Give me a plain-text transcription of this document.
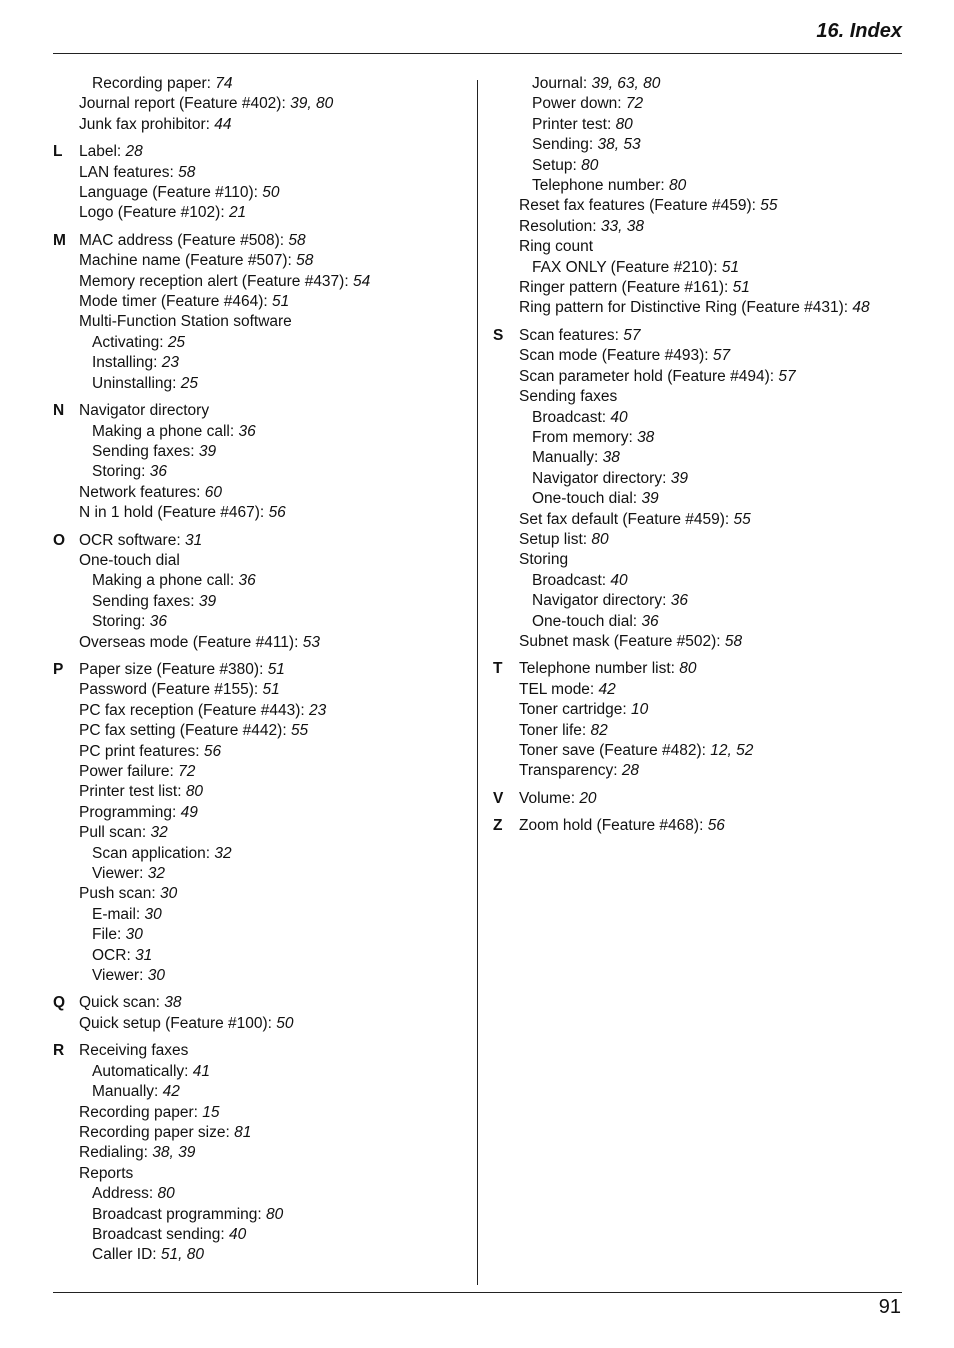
16. Index
Recording paper: 74
Journal report (Feature #402): 39, 80
Junk fax prohibitor: 44
L	Label: 28
LAN features: 58
Language (Feature #110): 50
Logo (Feature #102): 21
M MAC address (Feature #508): 58
Machine name (Feature #507): 58
Memory reception alert (Feature #437): 54
Mode timer (Feature #464): 51
Multi-Function Station software
Activating: 25
Installing: 23
Uninstalling: 25
N Navigator directory
Making a phone call: 36
Sending faxes: 39
Storing: 36
Network features: 60
N in 1 hold (Feature #467): 56
O OCR software: 31
One-touch dial
Making a phone call: 36
Sending faxes: 39
Storing: 36
Overseas mode (Feature #411): 53
P	Paper size (Feature #380): 51
Password (Feature #155): 51
PC fax reception (Feature #443): 23
PC fax setting (Feature #442): 55
PC print features: 56
Power failure: 72
Printer test list: 80
Programming: 49
Pull scan: 32
Scan application: 32
Viewer: 32
Push scan: 30
E-mail: 30
File: 30
OCR: 31
Viewer: 30
Q Quick scan: 38
Quick setup (Feature #100): 50
R Receiving faxes
Automatically: 41
Manually: 42
Recording paper: 15
Recording paper size: 81
Redialing: 38, 39
Reports
Address: 80
Broadcast programming: 80
Broadcast sending: 40
Caller ID: 51, 80
Journal: 39, 63, 80
Power down: 72
Printer test: 80
Sending: 38, 53
Setup: 80
Telephone number: 80
Reset fax features (Feature #459): 55
Resolution: 33, 38
Ring count
FAX ONLY (Feature #210): 51
Ringer pattern (Feature #161): 51
Ring pattern for Distinctive Ring (Feature #431): 48
S	Scan features: 57
Scan mode (Feature #493): 57
Scan parameter hold (Feature #494): 57
Sending faxes
Broadcast: 40
From memory: 38
Manually: 38
Navigator directory: 39
One-touch dial: 39
Set fax default (Feature #459): 55
Setup list: 80
Storing
Broadcast: 40
Navigator directory: 36
One-touch dial: 36
Subnet mask (Feature #502): 58
T	Telephone number list: 80
TEL mode: 42
Toner cartridge: 10
Toner life: 82
Toner save (Feature #482): 12, 52
Transparency: 28
V	Volume: 20
Z	Zoom hold (Feature #468): 56
91
